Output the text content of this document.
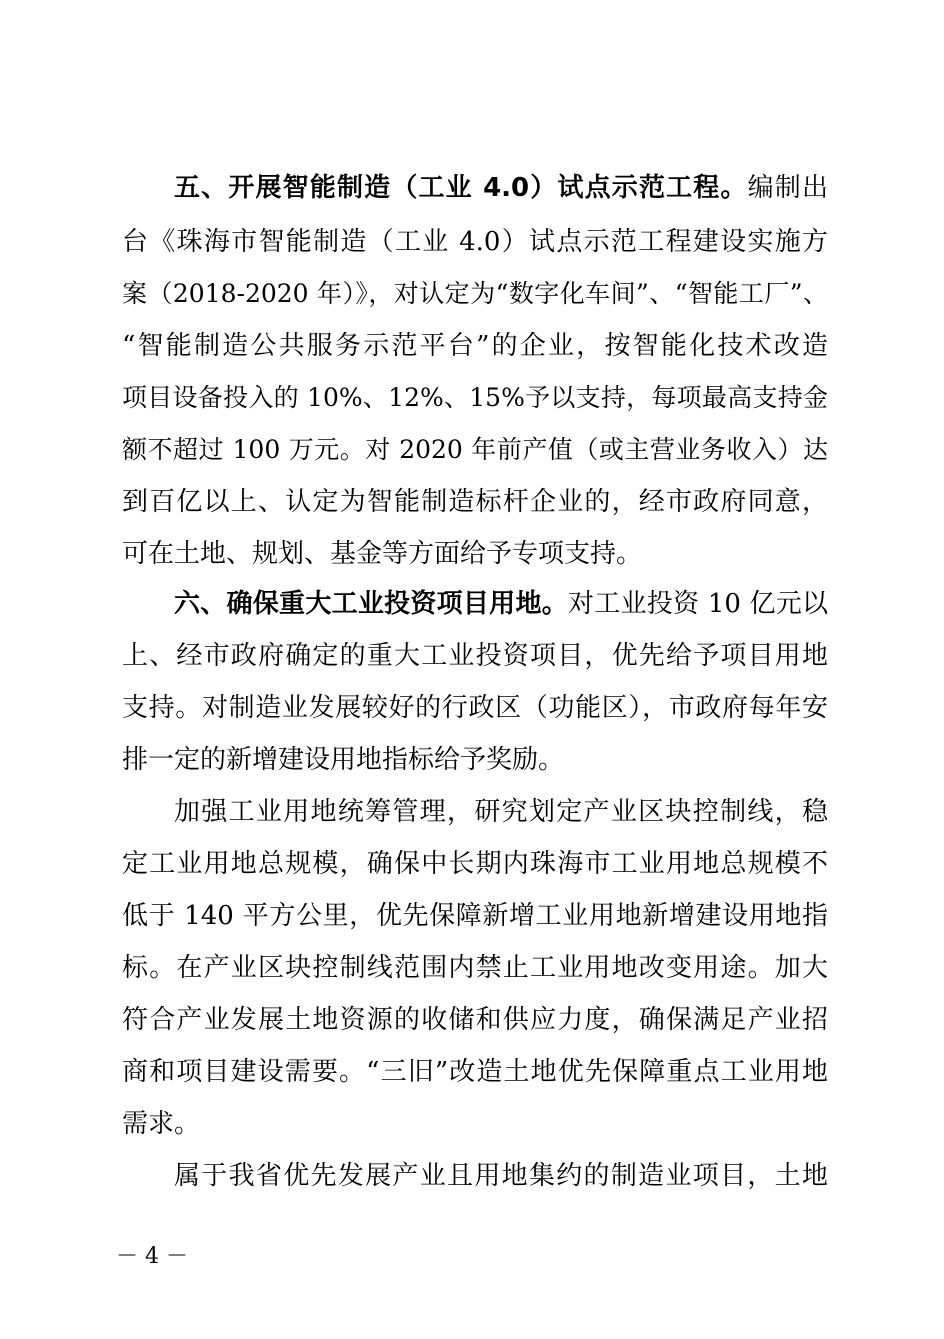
五、开展智能制造（工业 4.0）试点示范工程。编制出
台《珠海市智能制造（工业 4.0）试点示范工程建设实施方
案（2018-2020 年）》，对认定为“数字化车间”、“智能工厂”、
“智能制造公共服务示范平台”的企业，按智能化技术改造
项目设备投入的 10%、12%、15%予以支持，每项最高支持金
额不超过 100 万元。对 2020 年前产值（或主营业务收入）达
到百亿以上、认定为智能制造标杆企业的，经市政府同意，
可在土地、规划、基金等方面给予专项支持。
六、确保重大工业投资项目用地。对工业投资 10 亿元以
上、经市政府确定的重大工业投资项目，优先给予项目用地
支持。对制造业发展较好的行政区（功能区），市政府每年安
排一定的新增建设用地指标给予奖励。
加强工业用地统筹管理，研究划定产业区块控制线，稳
定工业用地总规模，确保中长期内珠海市工业用地总规模不
低于 140 平方公里，优先保障新增工业用地新增建设用地指
标。在产业区块控制线范围内禁止工业用地改变用途。加大
符合产业发展土地资源的收储和供应力度，确保满足产业招
商和项目建设需要。“三旧”改造土地优先保障重点工业用地
需求。
属于我省优先发展产业且用地集约的制造业项目，土地
－ 4 －
